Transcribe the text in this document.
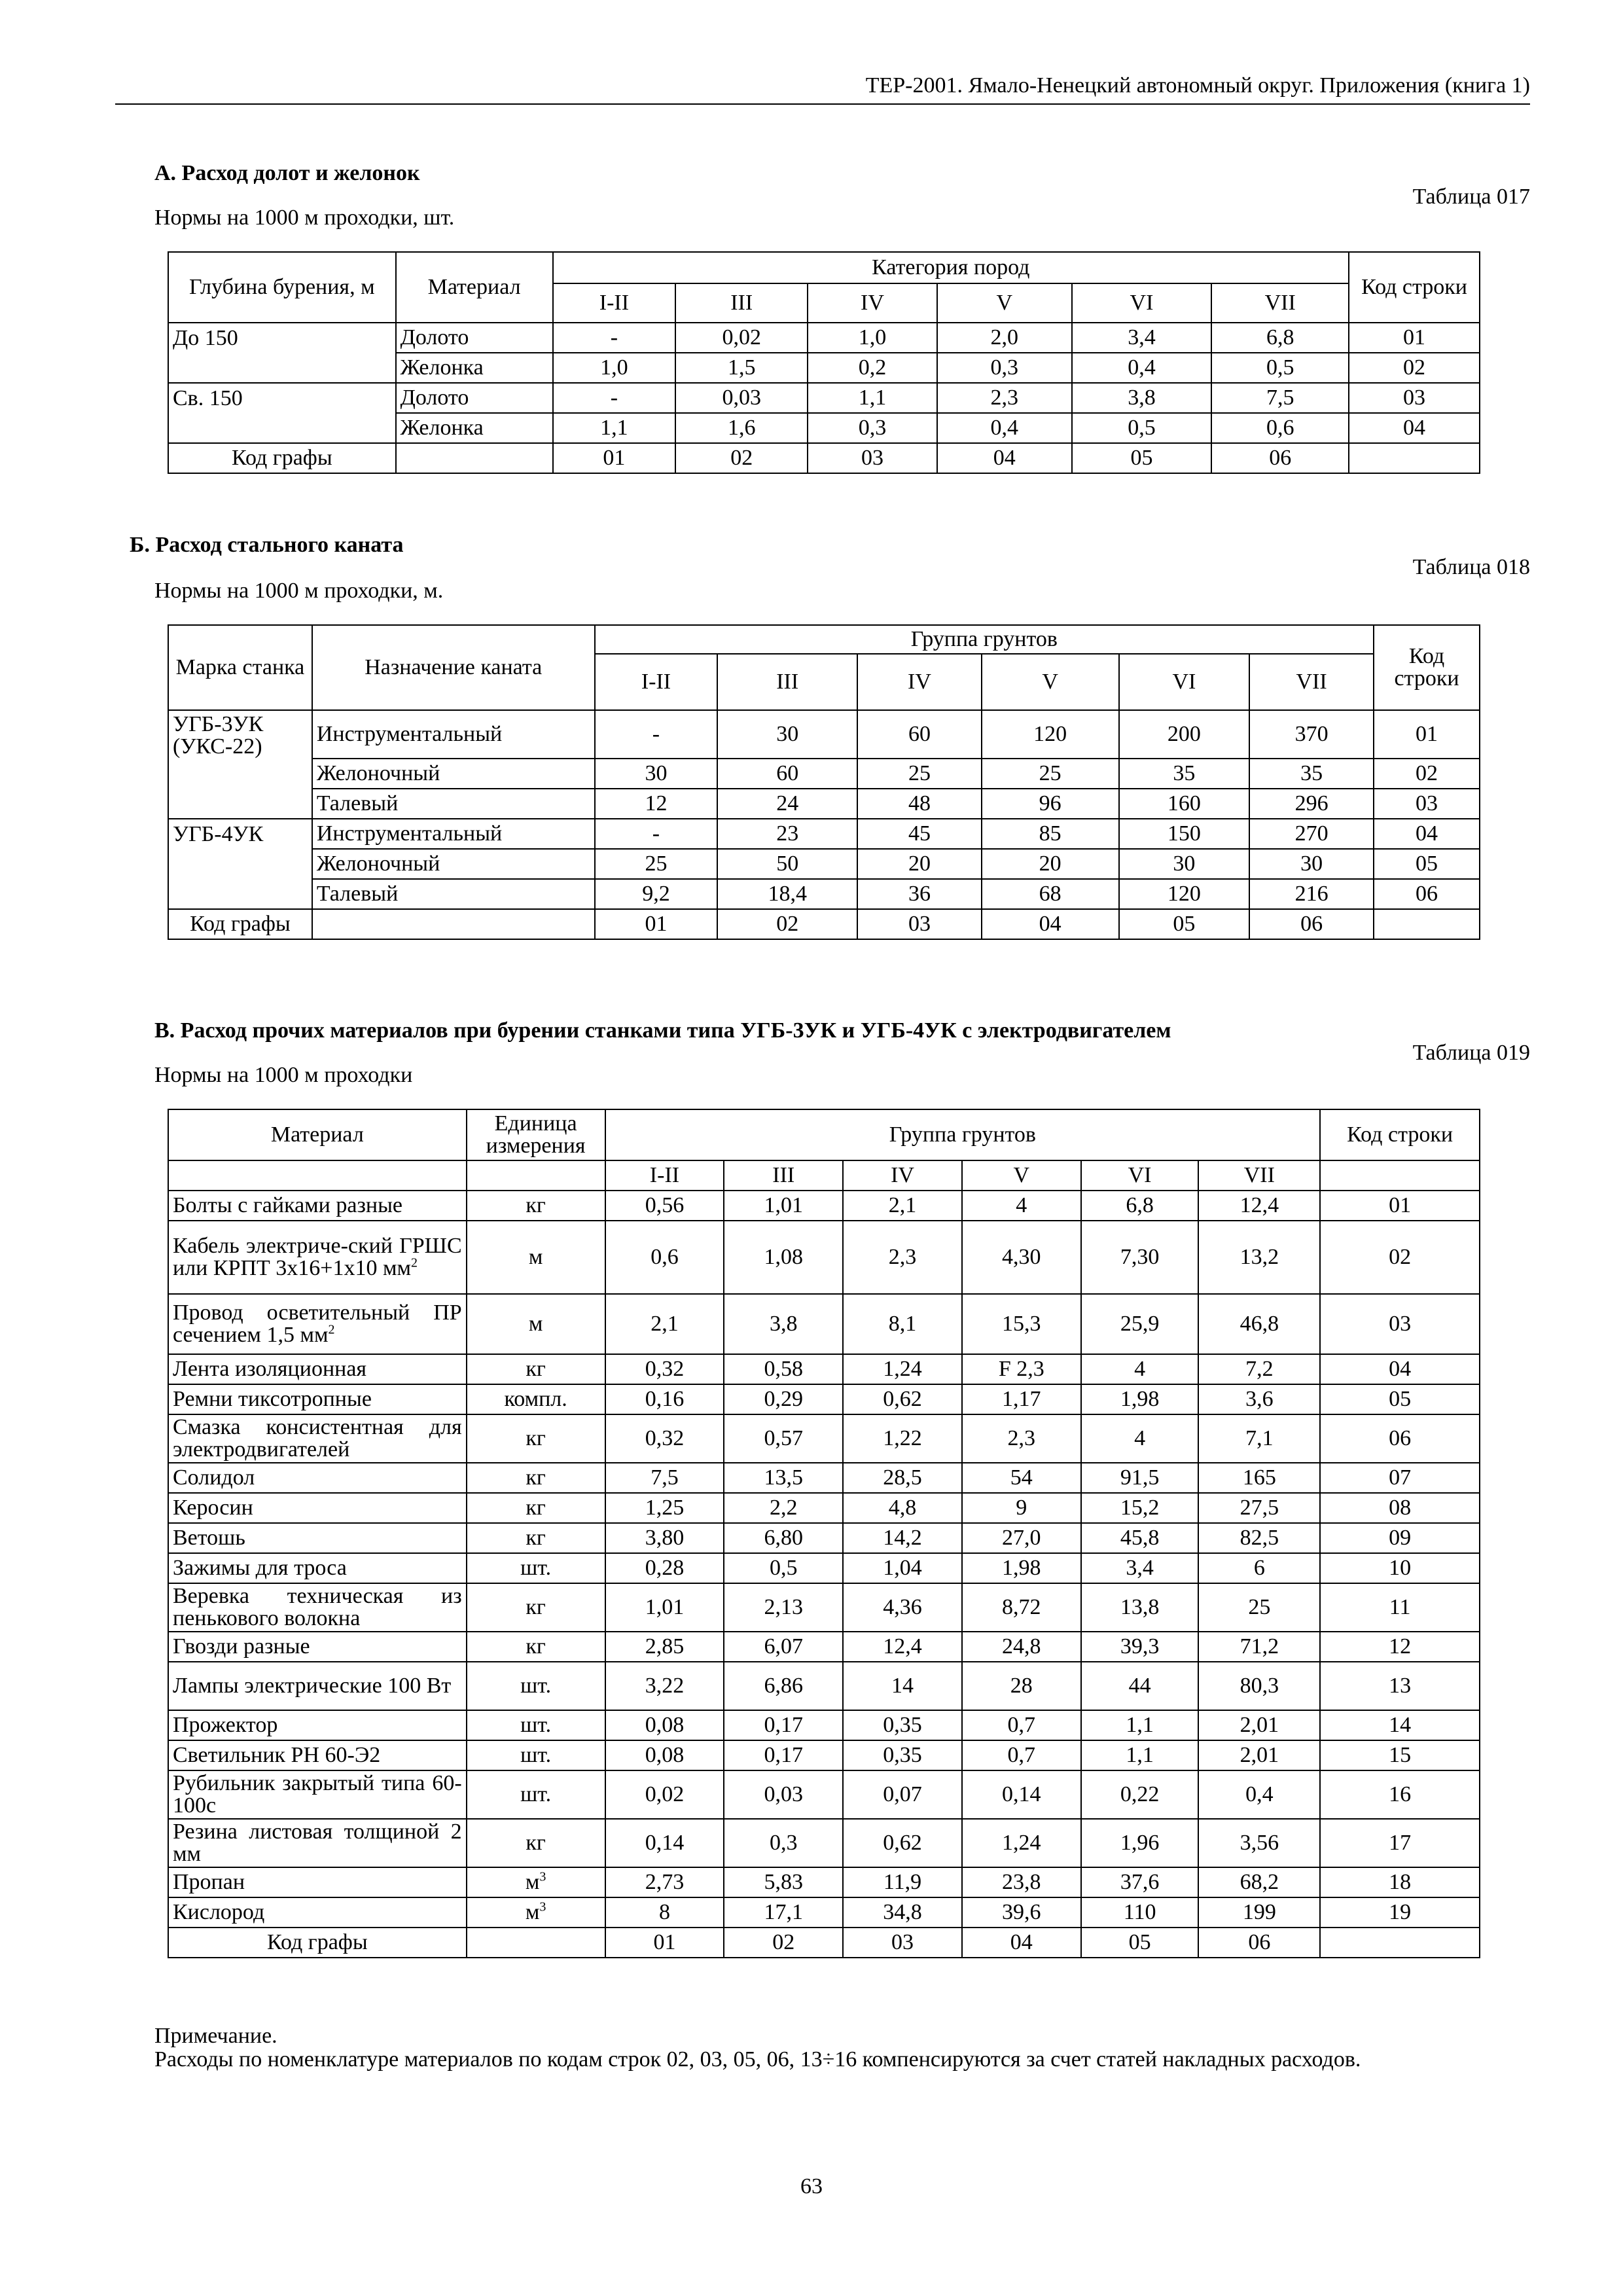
ТЕР-2001. Ямало-Ненецкий автономный округ. Приложения (книга 1)
А. Расход долот и желонок
Таблица 017
Нормы на 1000 м проходки, шт.
Глубина бурения, м	Материал	Категория пород						Код строки
		I-II	III	IV	V	VI	VII	
До 150	Долото	-	0,02	1,0	2,0	3,4	6,8	01
	Желонка	1,0	1,5	0,2	0,3	0,4	0,5	02
Св. 150	Долото	-	0,03	1,1	2,3	3,8	7,5	03
	Желонка	1,1	1,6	0,3	0,4	0,5	0,6	04
Код графы		01	02	03	04	05	06	
Б. Расход стального каната
Таблица 018
Нормы на 1000 м проходки, м.
Марка станка	Назначение каната	Группа грунтов						Код строки
		I-II	III	IV	V	VI	VII	
УГБ-3УК (УКС-22)	Инструментальный	-	30	60	120	200	370	01
	Желоночный	30	60	25	25	35	35	02
	Талевый	12	24	48	96	160	296	03
УГБ-4УК	Инструментальный	-	23	45	85	150	270	04
	Желоночный	25	50	20	20	30	30	05
	Талевый	9,2	18,4	36	68	120	216	06
Код графы		01	02	03	04	05	06	
В. Расход прочих материалов при бурении станками типа УГБ-3УК и УГБ-4УК с электродвигателем
Таблица 019
Нормы на 1000 м проходки
Материал	Единица измерения	Группа грунтов						Код строки
		I-II	III	IV	V	VI	VII	
Болты с гайками разные	кг	0,56	1,01	2,1	4	6,8	12,4	01
Кабель электриче-ский ГРШС или КРПТ 3х16+1х10 $мм^2$	м	0,6	1,08	2,3	4,30	7,30	13,2	02
Провод осветительный ПР сечением 1,5 $мм^2$	м	2,1	3,8	8,1	15,3	25,9	46,8	03
Лента изоляционная	кг	0,32	0,58	1,24	F 2,3	4	7,2	04
Ремни тиксотропные	компл.	0,16	0,29	0,62	1,17	1,98	3,6	05
Смазка консистентная для электродвигателей	кг	0,32	0,57	1,22	2,3	4	7,1	06
Солидол	кг	7,5	13,5	28,5	54	91,5	165	07
Керосин	кг	1,25	2,2	4,8	9	15,2	27,5	08
Ветошь	кг	3,80	6,80	14,2	27,0	45,8	82,5	09
Зажимы для троса	шт.	0,28	0,5	1,04	1,98	3,4	6	10
Веревка техническая из пенькового волокна	кг	1,01	2,13	4,36	8,72	13,8	25	11
Гвозди разные	кг	2,85	6,07	12,4	24,8	39,3	71,2	12
Лампы электрические 100 Вт	шт.	3,22	6,86	14	28	44	80,3	13
Прожектор	шт.	0,08	0,17	0,35	0,7	1,1	2,01	14
Светильник РН 60-Э2	шт.	0,08	0,17	0,35	0,7	1,1	2,01	15
Рубильник закрытый типа 60-100с	шт.	0,02	0,03	0,07	0,14	0,22	0,4	16
Резина листовая толщиной 2 мм	кг	0,14	0,3	0,62	1,24	1,96	3,56	17
Пропан	$м^3$	2,73	5,83	11,9	23,8	37,6	68,2	18
Кислород	$м^3$	8	17,1	34,8	39,6	110	199	19
Код графы		01	02	03	04	05	06	
Примечание.
Расходы по номенклатуре материалов по кодам строк 02, 03, 05, 06, 13÷16 компенсируются за счет статей накладных расходов.
63
